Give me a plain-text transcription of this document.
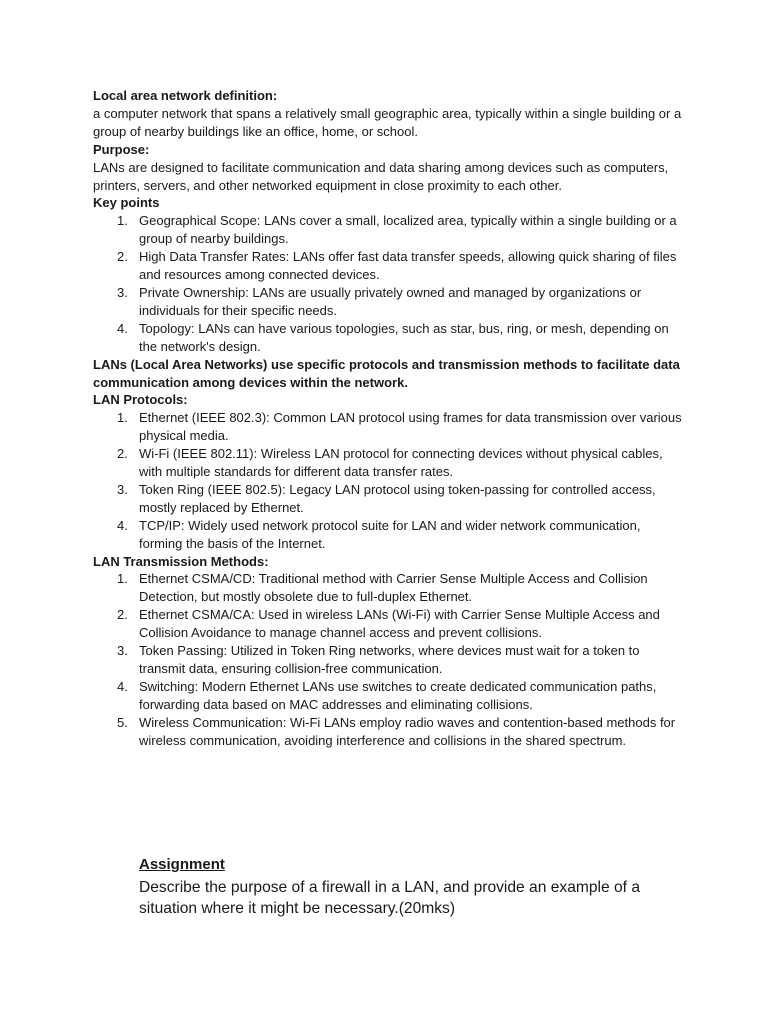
Local area network definition:

a computer network that spans a relatively small geographic area, typically within a single building or a group of nearby buildings like an office, home, or school.

Purpose:

LANs are designed to facilitate communication and data sharing among devices such as computers, printers, servers, and other networked equipment in close proximity to each other.

Key points

1. Geographical Scope: LANs cover a small, localized area, typically within a single building or a group of nearby buildings.
2. High Data Transfer Rates: LANs offer fast data transfer speeds, allowing quick sharing of files and resources among connected devices.
3. Private Ownership: LANs are usually privately owned and managed by organizations or individuals for their specific needs.
4. Topology: LANs can have various topologies, such as star, bus, ring, or mesh, depending on the network's design.

LANs (Local Area Networks) use specific protocols and transmission methods to facilitate data communication among devices within the network.

LAN Protocols:

1. Ethernet (IEEE 802.3): Common LAN protocol using frames for data transmission over various physical media.
2. Wi-Fi (IEEE 802.11): Wireless LAN protocol for connecting devices without physical cables, with multiple standards for different data transfer rates.
3. Token Ring (IEEE 802.5): Legacy LAN protocol using token-passing for controlled access, mostly replaced by Ethernet.
4. TCP/IP: Widely used network protocol suite for LAN and wider network communication, forming the basis of the Internet.

LAN Transmission Methods:

1. Ethernet CSMA/CD: Traditional method with Carrier Sense Multiple Access and Collision Detection, but mostly obsolete due to full-duplex Ethernet.
2. Ethernet CSMA/CA: Used in wireless LANs (Wi-Fi) with Carrier Sense Multiple Access and Collision Avoidance to manage channel access and prevent collisions.
3. Token Passing: Utilized in Token Ring networks, where devices must wait for a token to transmit data, ensuring collision-free communication.
4. Switching: Modern Ethernet LANs use switches to create dedicated communication paths, forwarding data based on MAC addresses and eliminating collisions.
5. Wireless Communication: Wi-Fi LANs employ radio waves and contention-based methods for wireless communication, avoiding interference and collisions in the shared spectrum.

Assignment

Describe the purpose of a firewall in a LAN, and provide an example of a situation where it might be necessary.(20mks)
